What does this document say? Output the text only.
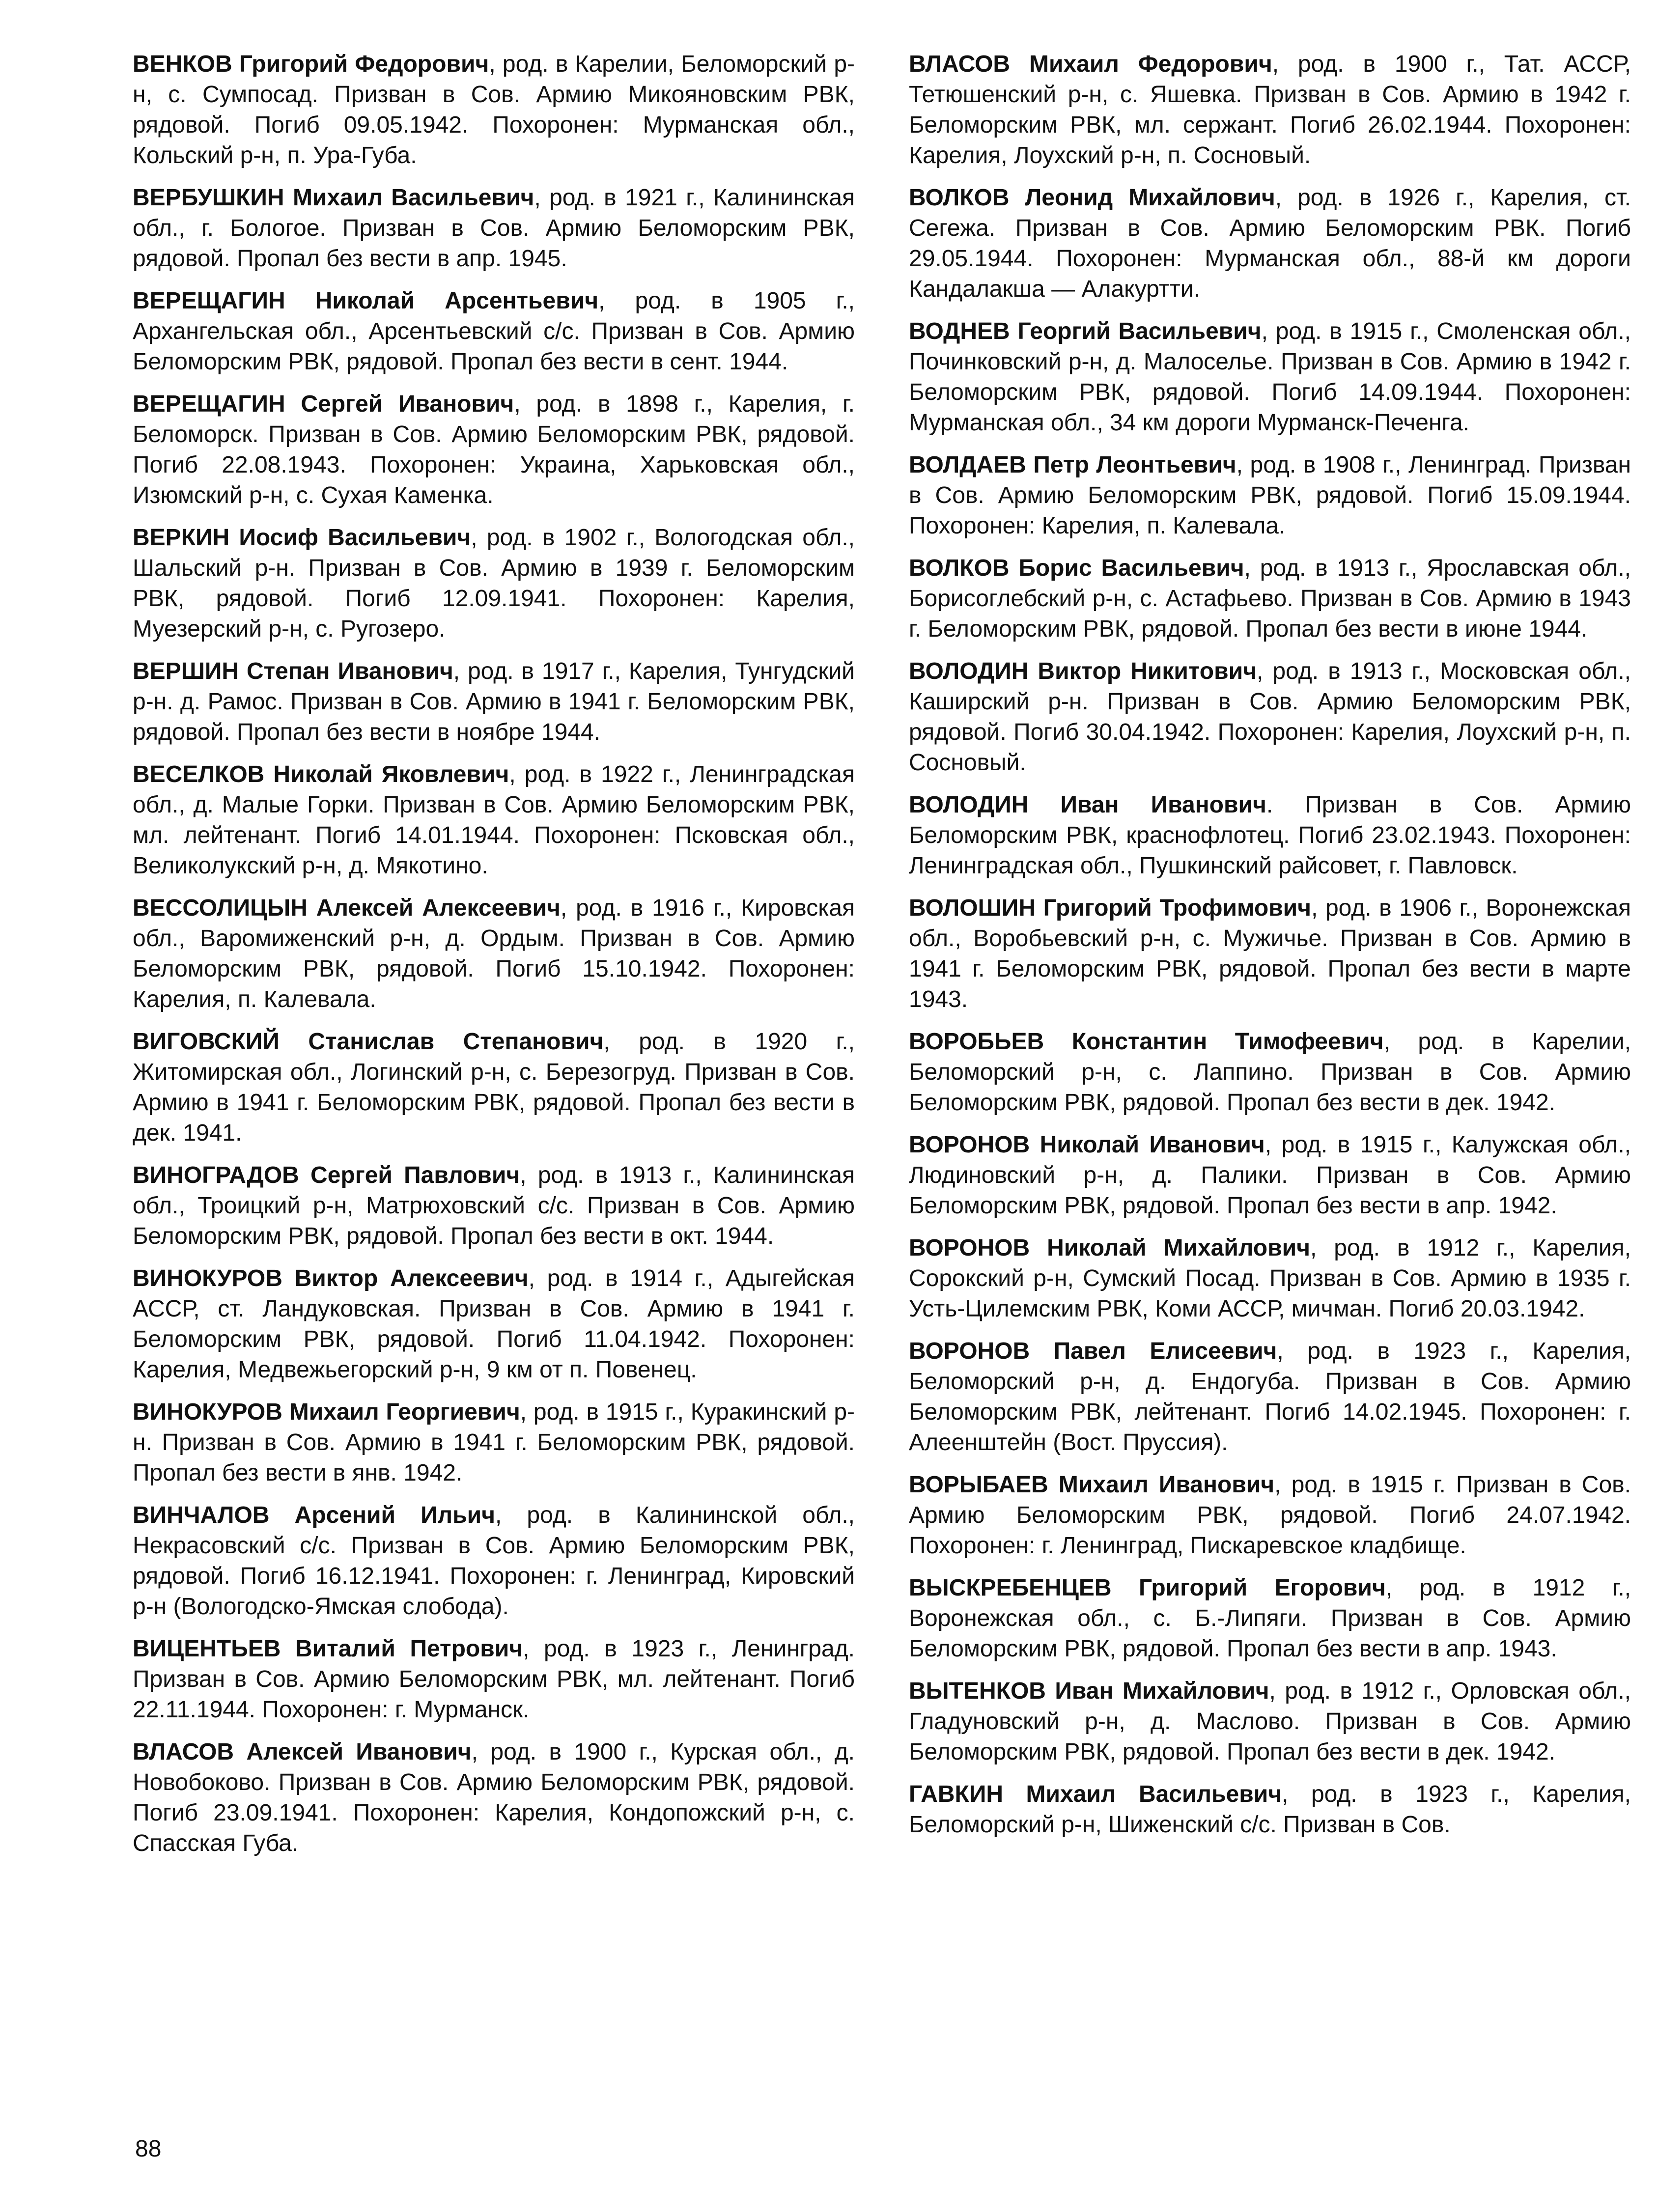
ВЕНКОВ Григорий Федорович, род. в Карелии, Беломорский р-н, с. Сумпосад. Призван в Сов. Армию Микояновским РВК, рядовой. Погиб 09.05.1942. Похоронен: Мурманская обл., Кольский р-н, п. Ура-Губа.

ВЕРБУШКИН Михаил Васильевич, род. в 1921 г., Калининская обл., г. Бологое. Призван в Сов. Армию Беломорским РВК, рядовой. Пропал без вести в апр. 1945.

ВЕРЕЩАГИН Николай Арсентьевич, род. в 1905 г., Архангельская обл., Арсентьевский с/с. Призван в Сов. Армию Беломорским РВК, рядовой. Пропал без вести в сент. 1944.

ВЕРЕЩАГИН Сергей Иванович, род. в 1898 г., Карелия, г. Беломорск. Призван в Сов. Армию Беломорским РВК, рядовой. Погиб 22.08.1943. Похоронен: Украина, Харьковская обл., Изюмский р-н, с. Сухая Каменка.

ВЕРКИН Иосиф Васильевич, род. в 1902 г., Вологодская обл., Шальский р-н. Призван в Сов. Армию в 1939 г. Беломорским РВК, рядовой. Погиб 12.09.1941. Похоронен: Карелия, Муезерский р-н, с. Ругозеро.

ВЕРШИН Степан Иванович, род. в 1917 г., Карелия, Тунгудский р-н. д. Рамос. Призван в Сов. Армию в 1941 г. Беломорским РВК, рядовой. Пропал без вести в ноябре 1944.

ВЕСЕЛКОВ Николай Яковлевич, род. в 1922 г., Ленинградская обл., д. Малые Горки. Призван в Сов. Армию Беломорским РВК, мл. лейтенант. Погиб 14.01.1944. Похоронен: Псковская обл., Великолукский р-н, д. Мякотино.

ВЕССОЛИЦЫН Алексей Алексеевич, род. в 1916 г., Кировская обл., Варомиженский р-н, д. Ордым. Призван в Сов. Армию Беломорским РВК, рядовой. Погиб 15.10.1942. Похоронен: Карелия, п. Калевала.

ВИГОВСКИЙ Станислав Степанович, род. в 1920 г., Житомирская обл., Логинский р-н, с. Березогруд. Призван в Сов. Армию в 1941 г. Беломорским РВК, рядовой. Пропал без вести в дек. 1941.

ВИНОГРАДОВ Сергей Павлович, род. в 1913 г., Калининская обл., Троицкий р-н, Матрюховский с/с. Призван в Сов. Армию Беломорским РВК, рядовой. Пропал без вести в окт. 1944.

ВИНОКУРОВ Виктор Алексеевич, род. в 1914 г., Адыгейская АССР, ст. Ландуковская. Призван в Сов. Армию в 1941 г. Беломорским РВК, рядовой. Погиб 11.04.1942. Похоронен: Карелия, Медвежьегорский р-н, 9 км от п. Повенец.

ВИНОКУРОВ Михаил Георгиевич, род. в 1915 г., Куракинский р-н. Призван в Сов. Армию в 1941 г. Беломорским РВК, рядовой. Пропал без вести в янв. 1942.

ВИНЧАЛОВ Арсений Ильич, род. в Калининской обл., Некрасовский с/с. Призван в Сов. Армию Беломорским РВК, рядовой. Погиб 16.12.1941. Похоронен: г. Ленинград, Кировский р-н (Вологодско-Ямская слобода).

ВИЦЕНТЬЕВ Виталий Петрович, род. в 1923 г., Ленинград. Призван в Сов. Армию Беломорским РВК, мл. лейтенант. Погиб 22.11.1944. Похоронен: г. Мурманск.

ВЛАСОВ Алексей Иванович, род. в 1900 г., Курская обл., д. Новобоково. Призван в Сов. Армию Беломорским РВК, рядовой. Погиб 23.09.1941. Похоронен: Карелия, Кондопожский р-н, с. Спасская Губа.

ВЛАСОВ Михаил Федорович, род. в 1900 г., Тат. АССР, Тетюшенский р-н, с. Яшевка. Призван в Сов. Армию в 1942 г. Беломорским РВК, мл. сержант. Погиб 26.02.1944. Похоронен: Карелия, Лоухский р-н, п. Сосновый.

ВОЛКОВ Леонид Михайлович, род. в 1926 г., Карелия, ст. Сегежа. Призван в Сов. Армию Беломорским РВК. Погиб 29.05.1944. Похоронен: Мурманская обл., 88-й км дороги Кандалакша — Алакуртти.

ВОДНЕВ Георгий Васильевич, род. в 1915 г., Смоленская обл., Починковский р-н, д. Малоселье. Призван в Сов. Армию в 1942 г. Беломорским РВК, рядовой. Погиб 14.09.1944. Похоронен: Мурманская обл., 34 км дороги Мурманск-Печенга.

ВОЛДАЕВ Петр Леонтьевич, род. в 1908 г., Ленинград. Призван в Сов. Армию Беломорским РВК, рядовой. Погиб 15.09.1944. Похоронен: Карелия, п. Калевала.

ВОЛКОВ Борис Васильевич, род. в 1913 г., Ярославская обл., Борисоглебский р-н, с. Астафьево. Призван в Сов. Армию в 1943 г. Беломорским РВК, рядовой. Пропал без вести в июне 1944.

ВОЛОДИН Виктор Никитович, род. в 1913 г., Московская обл., Каширский р-н. Призван в Сов. Армию Беломорским РВК, рядовой. Погиб 30.04.1942. Похоронен: Карелия, Лоухский р-н, п. Сосновый.

ВОЛОДИН Иван Иванович. Призван в Сов. Армию Беломорским РВК, краснофлотец. Погиб 23.02.1943. Похоронен: Ленинградская обл., Пушкинский райсовет, г. Павловск.

ВОЛОШИН Григорий Трофимович, род. в 1906 г., Воронежская обл., Воробьевский р-н, с. Мужичье. Призван в Сов. Армию в 1941 г. Беломорским РВК, рядовой. Пропал без вести в марте 1943.

ВОРОБЬЕВ Константин Тимофеевич, род. в Карелии, Беломорский р-н, с. Лаппино. Призван в Сов. Армию Беломорским РВК, рядовой. Пропал без вести в дек. 1942.

ВОРОНОВ Николай Иванович, род. в 1915 г., Калужская обл., Людиновский р-н, д. Палики. Призван в Сов. Армию Беломорским РВК, рядовой. Пропал без вести в апр. 1942.

ВОРОНОВ Николай Михайлович, род. в 1912 г., Карелия, Сорокский р-н, Сумский Посад. Призван в Сов. Армию в 1935 г. Усть-Цилемским РВК, Коми АССР, мичман. Погиб 20.03.1942.

ВОРОНОВ Павел Елисеевич, род. в 1923 г., Карелия, Беломорский р-н, д. Ендогуба. Призван в Сов. Армию Беломорским РВК, лейтенант. Погиб 14.02.1945. Похоронен: г. Алеенштейн (Вост. Пруссия).

ВОРЫБАЕВ Михаил Иванович, род. в 1915 г. Призван в Сов. Армию Беломорским РВК, рядовой. Погиб 24.07.1942. Похоронен: г. Ленинград, Пискаревское кладбище.

ВЫСКРЕБЕНЦЕВ Григорий Егорович, род. в 1912 г., Воронежская обл., с. Б.-Липяги. Призван в Сов. Армию Беломорским РВК, рядовой. Пропал без вести в апр. 1943.

ВЫТЕНКОВ Иван Михайлович, род. в 1912 г., Орловская обл., Гладуновский р-н, д. Маслово. Призван в Сов. Армию Беломорским РВК, рядовой. Пропал без вести в дек. 1942.

ГАВКИН Михаил Васильевич, род. в 1923 г., Карелия, Беломорский р-н, Шиженский с/с. Призван в Сов.

88
